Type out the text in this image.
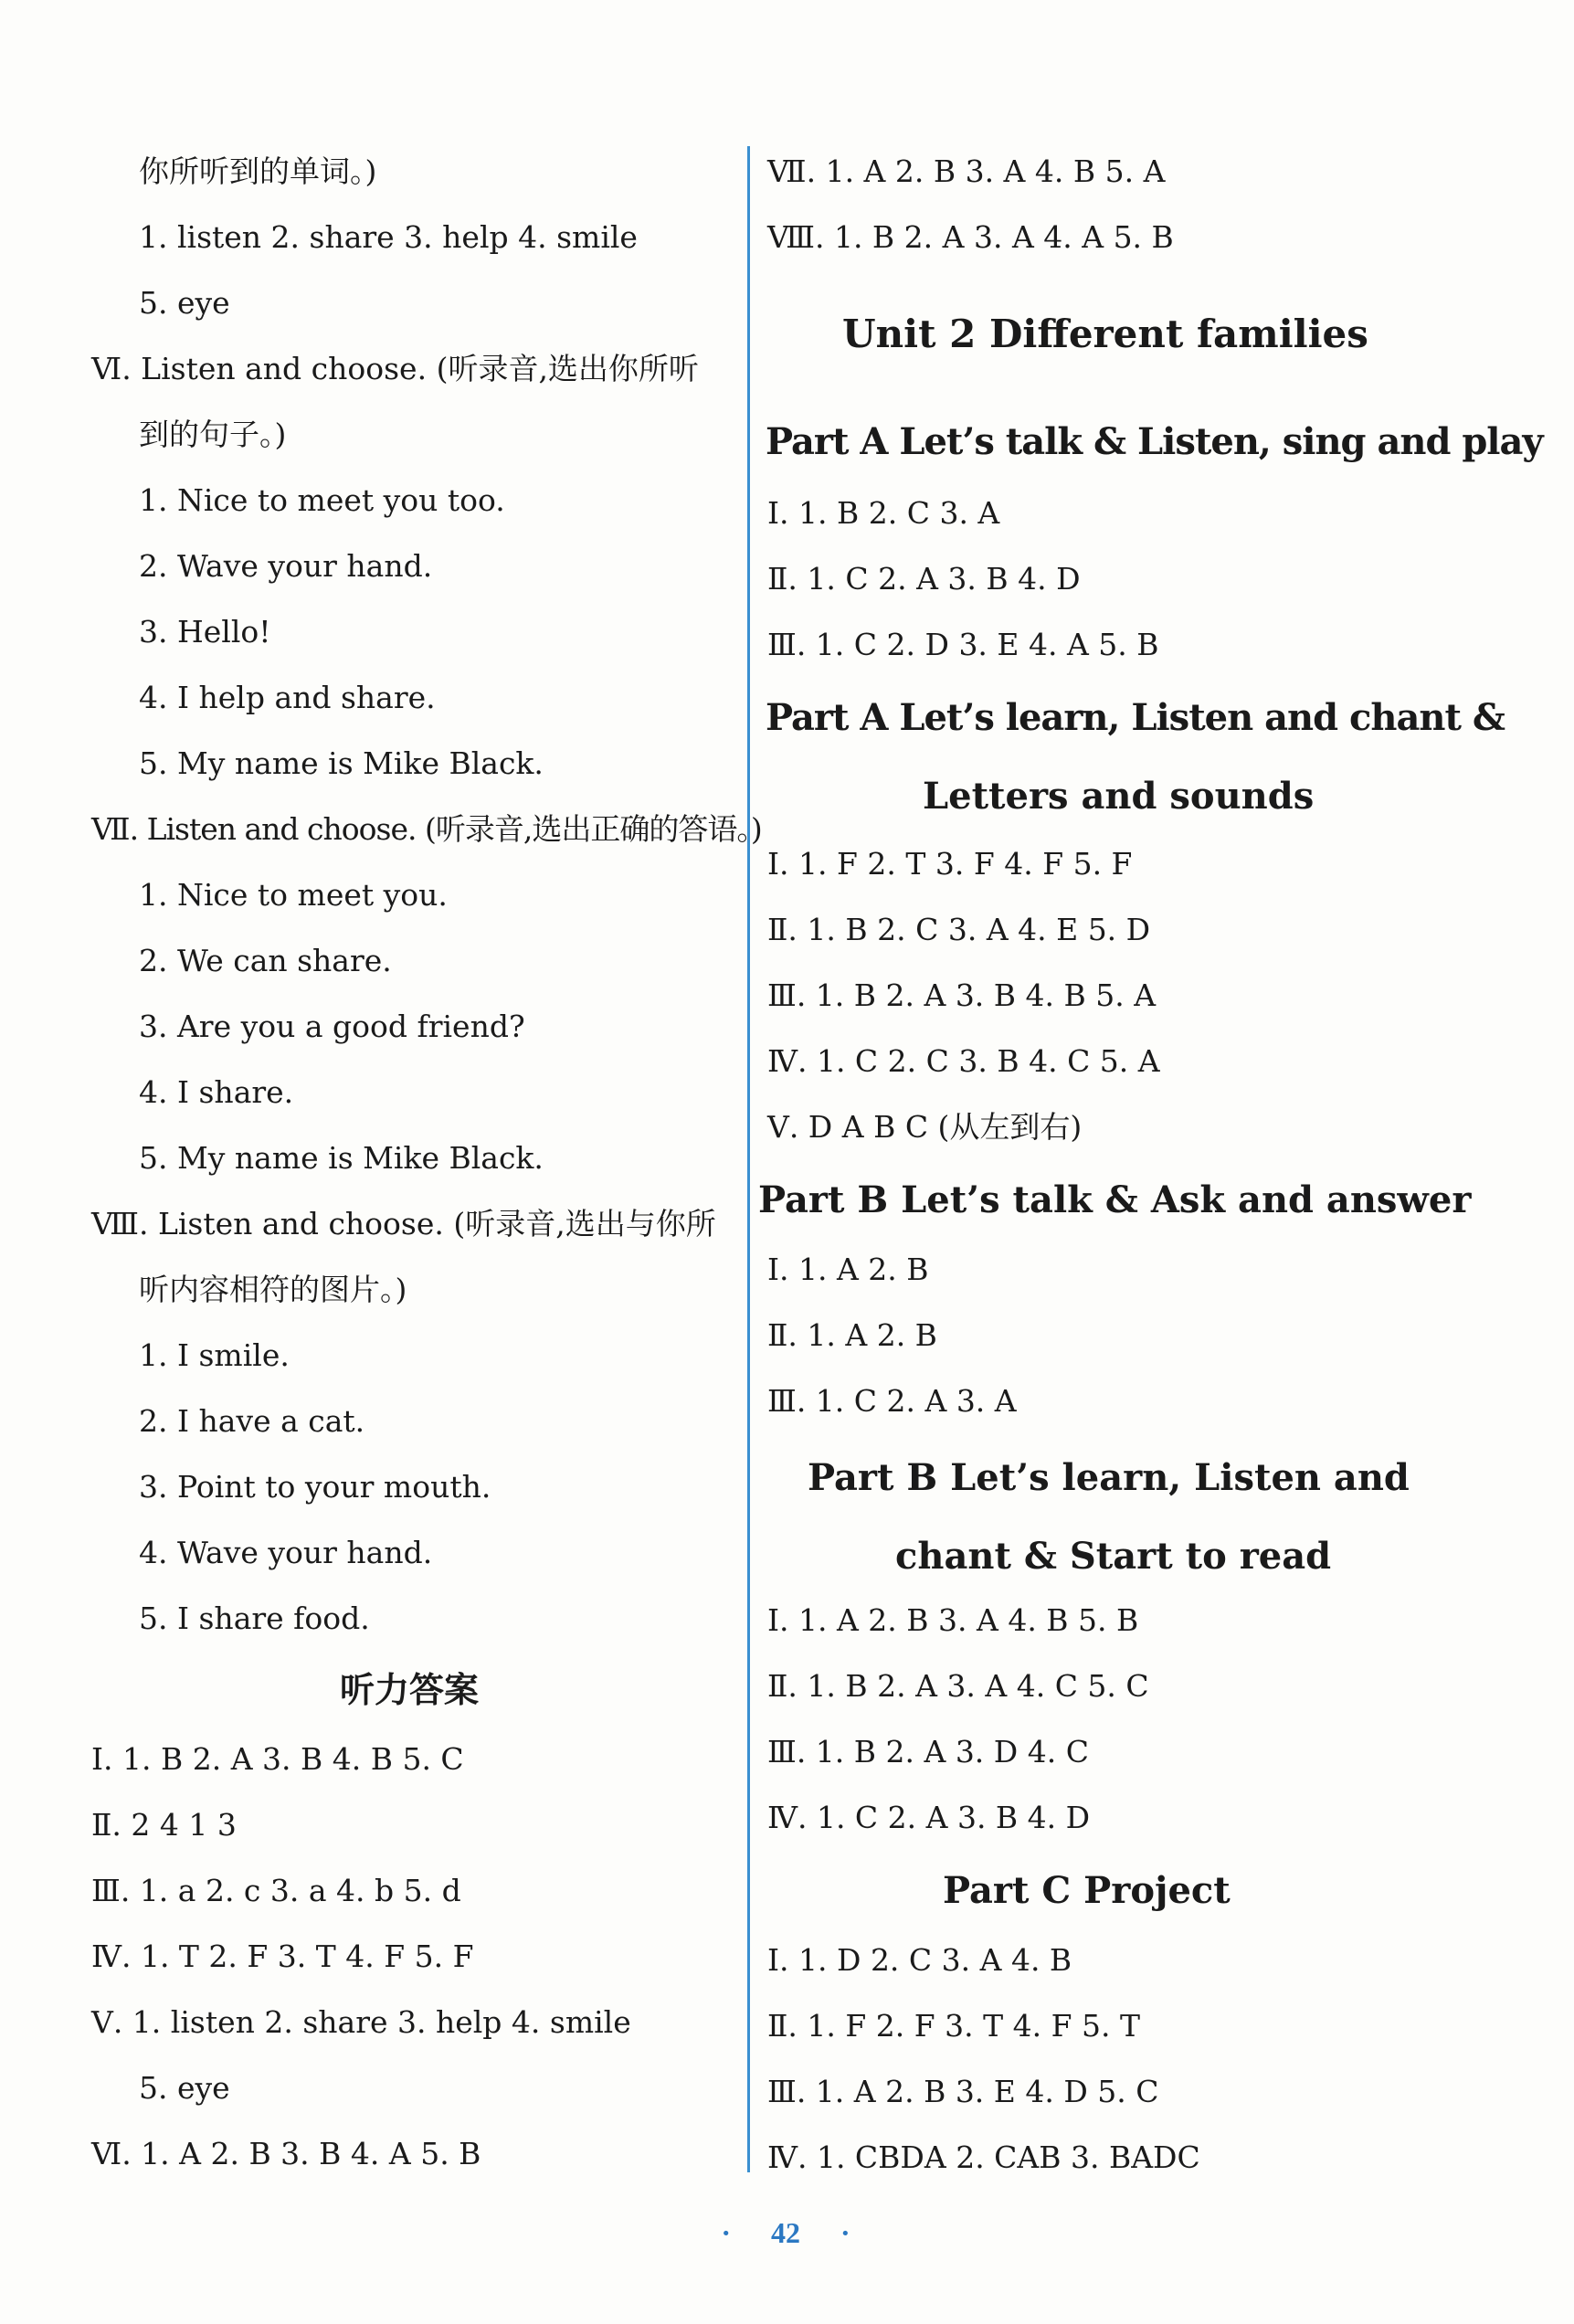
你所听到的单词。)
1. listen 2. share 3. help 4. smile
5. eye
Ⅵ. Listen and choose. (听录音,选出你所听
到的句子。)
1. Nice to meet you too.
2. Wave your hand.
3. Hello!
4. I help and share.
5. My name is Mike Black.
Ⅶ. Listen and choose. (听录音,选出正确的答语。)
1. Nice to meet you.
2. We can share.
3. Are you a good friend?
4. I share.
5. My name is Mike Black.
Ⅷ. Listen and choose. (听录音,选出与你所
听内容相符的图片。)
1. I smile.
2. I have a cat.
3. Point to your mouth.
4. Wave your hand.
5. I share food.
听力答案
Ⅰ. 1. B 2. A 3. B 4. B 5. C
Ⅱ. 2 4 1 3
Ⅲ. 1. a 2. c 3. a 4. b 5. d
Ⅳ. 1. T 2. F 3. T 4. F 5. F
Ⅴ. 1. listen 2. share 3. help 4. smile
5. eye
Ⅵ. 1. A 2. B 3. B 4. A 5. B
Ⅶ. 1. A 2. B 3. A 4. B 5. A
Ⅷ. 1. B 2. A 3. A 4. A 5. B
Unit 2 Different families
Part A Let’s talk & Listen, sing and play
Ⅰ. 1. B 2. C 3. A
Ⅱ. 1. C 2. A 3. B 4. D
Ⅲ. 1. C 2. D 3. E 4. A 5. B
Part A Let’s learn, Listen and chant &
Letters and sounds
Ⅰ. 1. F 2. T 3. F 4. F 5. F
Ⅱ. 1. B 2. C 3. A 4. E 5. D
Ⅲ. 1. B 2. A 3. B 4. B 5. A
Ⅳ. 1. C 2. C 3. B 4. C 5. A
Ⅴ. D A B C (从左到右)
Part B Let’s talk & Ask and answer
Ⅰ. 1. A 2. B
Ⅱ. 1. A 2. B
Ⅲ. 1. C 2. A 3. A
Part B Let’s learn, Listen and
chant & Start to read
Ⅰ. 1. A 2. B 3. A 4. B 5. B
Ⅱ. 1. B 2. A 3. A 4. C 5. C
Ⅲ. 1. B 2. A 3. D 4. C
Ⅳ. 1. C 2. A 3. B 4. D
Part C Project
Ⅰ. 1. D 2. C 3. A 4. B
Ⅱ. 1. F 2. F 3. T 4. F 5. T
Ⅲ. 1. A 2. B 3. E 4. D 5. C
Ⅳ. 1. CBDA 2. CAB 3. BADC
· 42 ·
